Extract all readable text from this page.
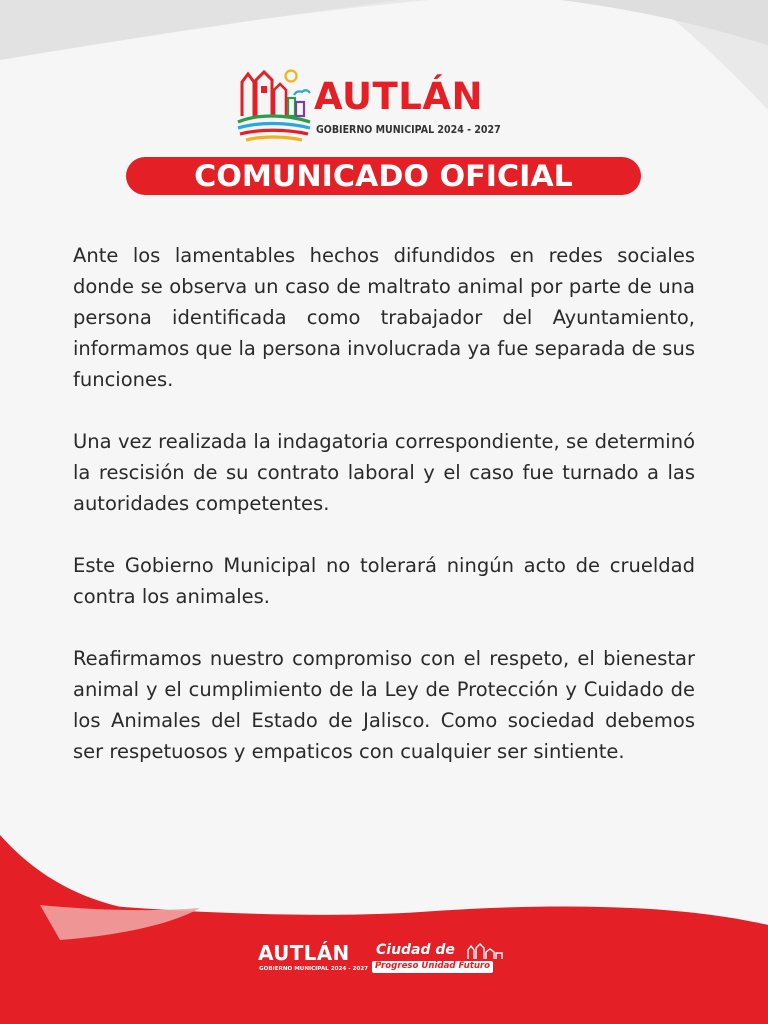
AUTLÁN
GOBIERNO MUNICIPAL 2024 - 2027
COMUNICADO OFICIAL

Ante los lamentables hechos difundidos en redes sociales donde se observa un caso de maltrato animal por parte de una persona identificada como trabajador del Ayuntamiento, informamos que la persona involucrada ya fue separada de sus funciones.

Una vez realizada la indagatoria correspondiente, se determinó la rescisión de su contrato laboral y el caso fue turnado a las autoridades competentes.

Este Gobierno Municipal no tolerará ningún acto de crueldad contra los animales.

Reafirmamos nuestro compromiso con el respeto, el bienestar animal y el cumplimiento de la Ley de Protección y Cuidado de los Animales del Estado de Jalisco. Como sociedad debemos ser respetuosos y empaticos con cualquier ser sintiente.

AUTLÁN
GOBIERNO MUNICIPAL 2024 - 2027
Ciudad de
Progreso Unidad Futuro
